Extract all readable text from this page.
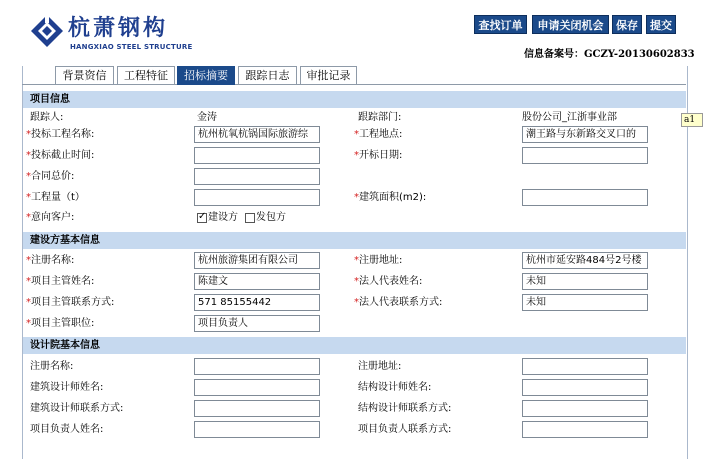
杭萧钢构
HANGXIAO STEEL STRUCTURE
查找订单	申请关闭机会	保存	提交
信息备案号：GCZY-20130602833
背景资信	工程特征	招标摘要	跟踪日志	审批记录
项目信息
跟踪人:	金涛	跟踪部门:	股份公司_江浙事业部
*投标工程名称:	杭州杭氧杭锅国际旅游综	*工程地点:	潮王路与东新路交叉口的
*投标截止时间:	*开标日期:
*合同总价:
*工程量（t）	*建筑面积(m2):
*意向客户:	✓ 建设方 发包方
建设方基本信息
*注册名称:	杭州旅游集团有限公司	*注册地址:	杭州市延安路484号2号楼
*项目主管姓名:	陈建文	*法人代表姓名:	未知
*项目主管联系方式:	571 85155442	*法人代表联系方式:	未知
*项目主管职位:	项目负责人
设计院基本信息
注册名称:	注册地址:
建筑设计师姓名:	结构设计师姓名:
建筑设计师联系方式:	结构设计师联系方式:
项目负责人姓名:	项目负责人联系方式:
a1
